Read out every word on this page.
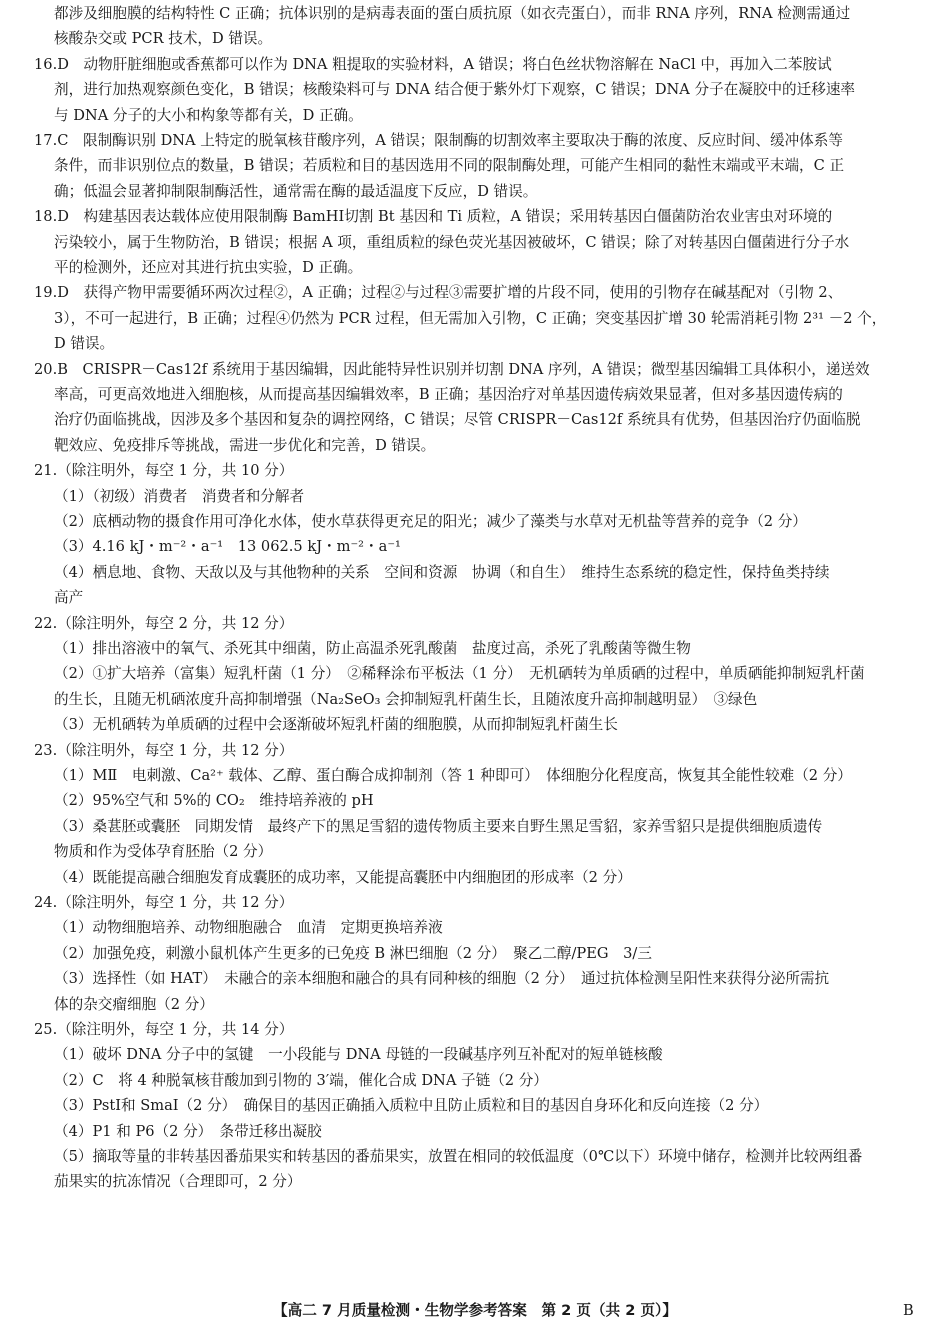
都涉及细胞膜的结构特性 C 正确；抗体识别的是病毒表面的蛋白质抗原（如衣壳蛋白），而非 RNA 序列，RNA 检测需通过
核酸杂交或 PCR 技术，D 错误。
16.D　动物肝脏细胞或香蕉都可以作为 DNA 粗提取的实验材料，A 错误；将白色丝状物溶解在 NaCl 中，再加入二苯胺试
剂，进行加热观察颜色变化，B 错误；核酸染料可与 DNA 结合便于紫外灯下观察，C 错误；DNA 分子在凝胶中的迁移速率
与 DNA 分子的大小和构象等都有关，D 正确。
17.C　限制酶识别 DNA 上特定的脱氧核苷酸序列，A 错误；限制酶的切割效率主要取决于酶的浓度、反应时间、缓冲体系等
条件，而非识别位点的数量，B 错误；若质粒和目的基因选用不同的限制酶处理，可能产生相同的黏性末端或平末端，C 正
确；低温会显著抑制限制酶活性，通常需在酶的最适温度下反应，D 错误。
18.D　构建基因表达载体应使用限制酶 BamHⅠ切割 Bt 基因和 Ti 质粒，A 错误；采用转基因白僵菌防治农业害虫对环境的
污染较小，属于生物防治，B 错误；根据 A 项，重组质粒的绿色荧光基因被破坏，C 错误；除了对转基因白僵菌进行分子水
平的检测外，还应对其进行抗虫实验，D 正确。
19.D　获得产物甲需要循环两次过程②，A 正确；过程②与过程③需要扩增的片段不同，使用的引物存在碱基配对（引物 2、
3），不可一起进行，B 正确；过程④仍然为 PCR 过程，但无需加入引物，C 正确；突变基因扩增 30 轮需消耗引物 2³¹ －2 个，
D 错误。
20.B　CRISPR－Cas12f 系统用于基因编辑，因此能特异性识别并切割 DNA 序列，A 错误；微型基因编辑工具体积小，递送效
率高，可更高效地进入细胞核，从而提高基因编辑效率，B 正确；基因治疗对单基因遗传病效果显著，但对多基因遗传病的
治疗仍面临挑战，因涉及多个基因和复杂的调控网络，C 错误；尽管 CRISPR－Cas12f 系统具有优势，但基因治疗仍面临脱
靶效应、免疫排斥等挑战，需进一步优化和完善，D 错误。
21.（除注明外，每空 1 分，共 10 分）
（1）（初级）消费者　消费者和分解者
（2）底栖动物的摄食作用可净化水体，使水草获得更充足的阳光；减少了藻类与水草对无机盐等营养的竞争（2 分）
（3）4.16 kJ・m⁻²・a⁻¹　13 062.5 kJ・m⁻²・a⁻¹
（4）栖息地、食物、天敌以及与其他物种的关系　空间和资源　协调（和自生）　维持生态系统的稳定性，保持鱼类持续
高产
22.（除注明外，每空 2 分，共 12 分）
（1）排出溶液中的氧气、杀死其中细菌，防止高温杀死乳酸菌　盐度过高，杀死了乳酸菌等微生物
（2）①扩大培养（富集）短乳杆菌（1 分）　②稀释涂布平板法（1 分）　无机硒转为单质硒的过程中，单质硒能抑制短乳杆菌
的生长，且随无机硒浓度升高抑制增强（Na₂SeO₃ 会抑制短乳杆菌生长，且随浓度升高抑制越明显）　③绿色
（3）无机硒转为单质硒的过程中会逐渐破坏短乳杆菌的细胞膜，从而抑制短乳杆菌生长
23.（除注明外，每空 1 分，共 12 分）
（1）MⅡ　电刺激、Ca²⁺ 载体、乙醇、蛋白酶合成抑制剂（答 1 种即可）　体细胞分化程度高，恢复其全能性较难（2 分）
（2）95%空气和 5%的 CO₂　维持培养液的 pH
（3）桑葚胚或囊胚　同期发情　最终产下的黑足雪貂的遗传物质主要来自野生黑足雪貂，家养雪貂只是提供细胞质遗传
物质和作为受体孕育胚胎（2 分）
（4）既能提高融合细胞发育成囊胚的成功率，又能提高囊胚中内细胞团的形成率（2 分）
24.（除注明外，每空 1 分，共 12 分）
（1）动物细胞培养、动物细胞融合　血清　定期更换培养液
（2）加强免疫，刺激小鼠机体产生更多的已免疫 B 淋巴细胞（2 分）　聚乙二醇/PEG　3/三
（3）选择性（如 HAT）　未融合的亲本细胞和融合的具有同种核的细胞（2 分）　通过抗体检测呈阳性来获得分泌所需抗
体的杂交瘤细胞（2 分）
25.（除注明外，每空 1 分，共 14 分）
（1）破坏 DNA 分子中的氢键　一小段能与 DNA 母链的一段碱基序列互补配对的短单链核酸
（2）C　将 4 种脱氧核苷酸加到引物的 3′端，催化合成 DNA 子链（2 分）
（3）PstⅠ和 SmaⅠ（2 分）　确保目的基因正确插入质粒中且防止质粒和目的基因自身环化和反向连接（2 分）
（4）P1 和 P6（2 分）　条带迁移出凝胶
（5）摘取等量的非转基因番茄果实和转基因的番茄果实，放置在相同的较低温度（0℃以下）环境中储存，检测并比较两组番
茄果实的抗冻情况（合理即可，2 分）
【高二 7 月质量检测・生物学参考答案　第 2 页（共 2 页）】	B
